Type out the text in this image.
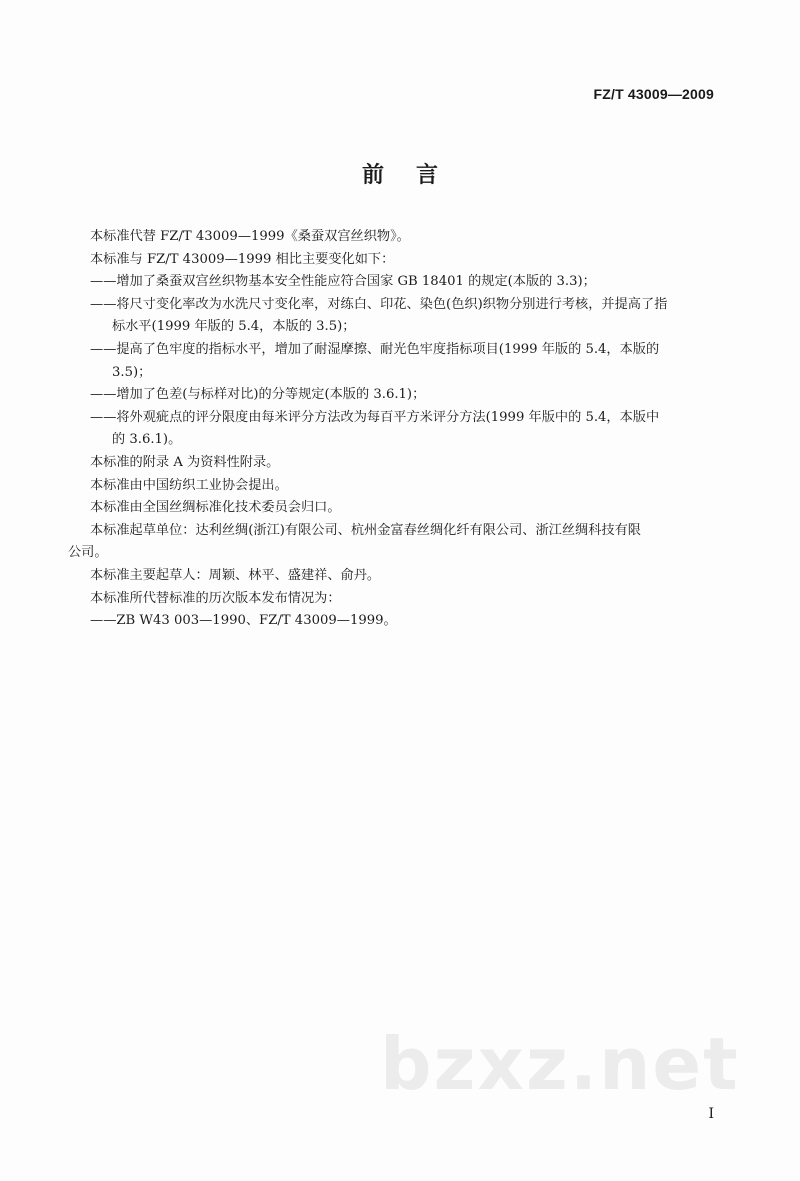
FZ/T 43009—2009
前言
本标准代替 FZ/T 43009—1999《桑蚕双宫丝织物》。
本标准与 FZ/T 43009—1999 相比主要变化如下：
——增加了桑蚕双宫丝织物基本安全性能应符合国家 GB 18401 的规定(本版的 3.3)；
——将尺寸变化率改为水洗尺寸变化率，对练白、印花、染色(色织)织物分别进行考核，并提高了指
标水平(1999 年版的 5.4，本版的 3.5)；
——提高了色牢度的指标水平，增加了耐湿摩擦、耐光色牢度指标项目(1999 年版的 5.4，本版的
3.5)；
——增加了色差(与标样对比)的分等规定(本版的 3.6.1)；
——将外观疵点的评分限度由每米评分方法改为每百平方米评分方法(1999 年版中的 5.4，本版中
的 3.6.1)。
本标准的附录 A 为资料性附录。
本标准由中国纺织工业协会提出。
本标准由全国丝绸标准化技术委员会归口。
本标准起草单位：达利丝绸(浙江)有限公司、杭州金富春丝绸化纤有限公司、浙江丝绸科技有限
公司。
本标准主要起草人：周颖、林平、盛建祥、俞丹。
本标准所代替标准的历次版本发布情况为：
——ZB W43 003—1990、FZ/T 43009—1999。
bzxz.net
I
